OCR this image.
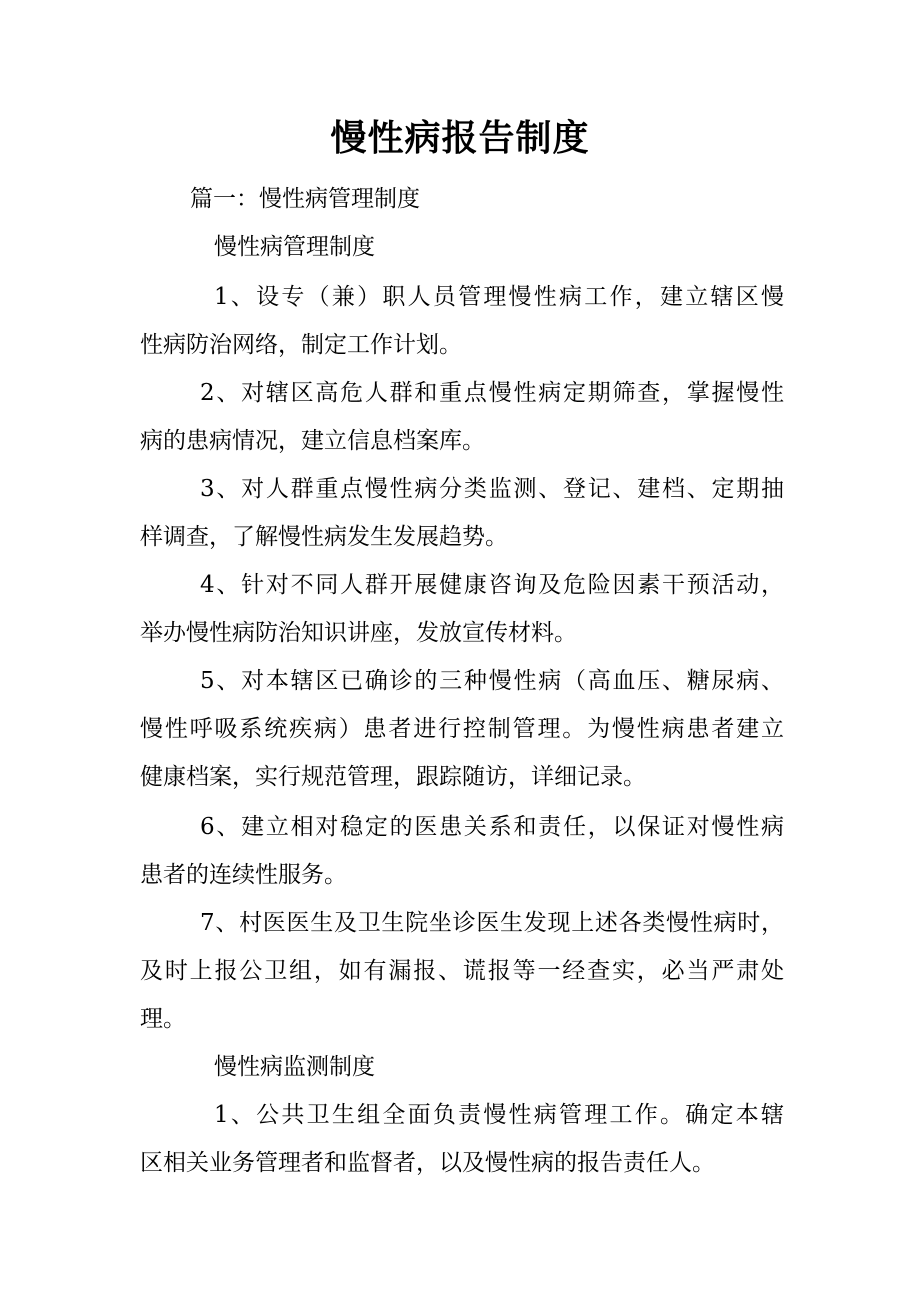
慢性病报告制度
篇一：慢性病管理制度
慢性病管理制度
1、设专（兼）职人员管理慢性病工作，建立辖区慢
性病防治网络，制定工作计划。
2、对辖区高危人群和重点慢性病定期筛查，掌握慢性
病的患病情况，建立信息档案库。
3、对人群重点慢性病分类监测、登记、建档、定期抽
样调查，了解慢性病发生发展趋势。
4、针对不同人群开展健康咨询及危险因素干预活动，
举办慢性病防治知识讲座，发放宣传材料。
5、对本辖区已确诊的三种慢性病（高血压、糖尿病、
慢性呼吸系统疾病）患者进行控制管理。为慢性病患者建立
健康档案，实行规范管理，跟踪随访，详细记录。
6、建立相对稳定的医患关系和责任，以保证对慢性病
患者的连续性服务。
7、村医医生及卫生院坐诊医生发现上述各类慢性病时，
及时上报公卫组，如有漏报、谎报等一经查实，必当严肃处
理。
慢性病监测制度
1、公共卫生组全面负责慢性病管理工作。确定本辖
区相关业务管理者和监督者，以及慢性病的报告责任人。
